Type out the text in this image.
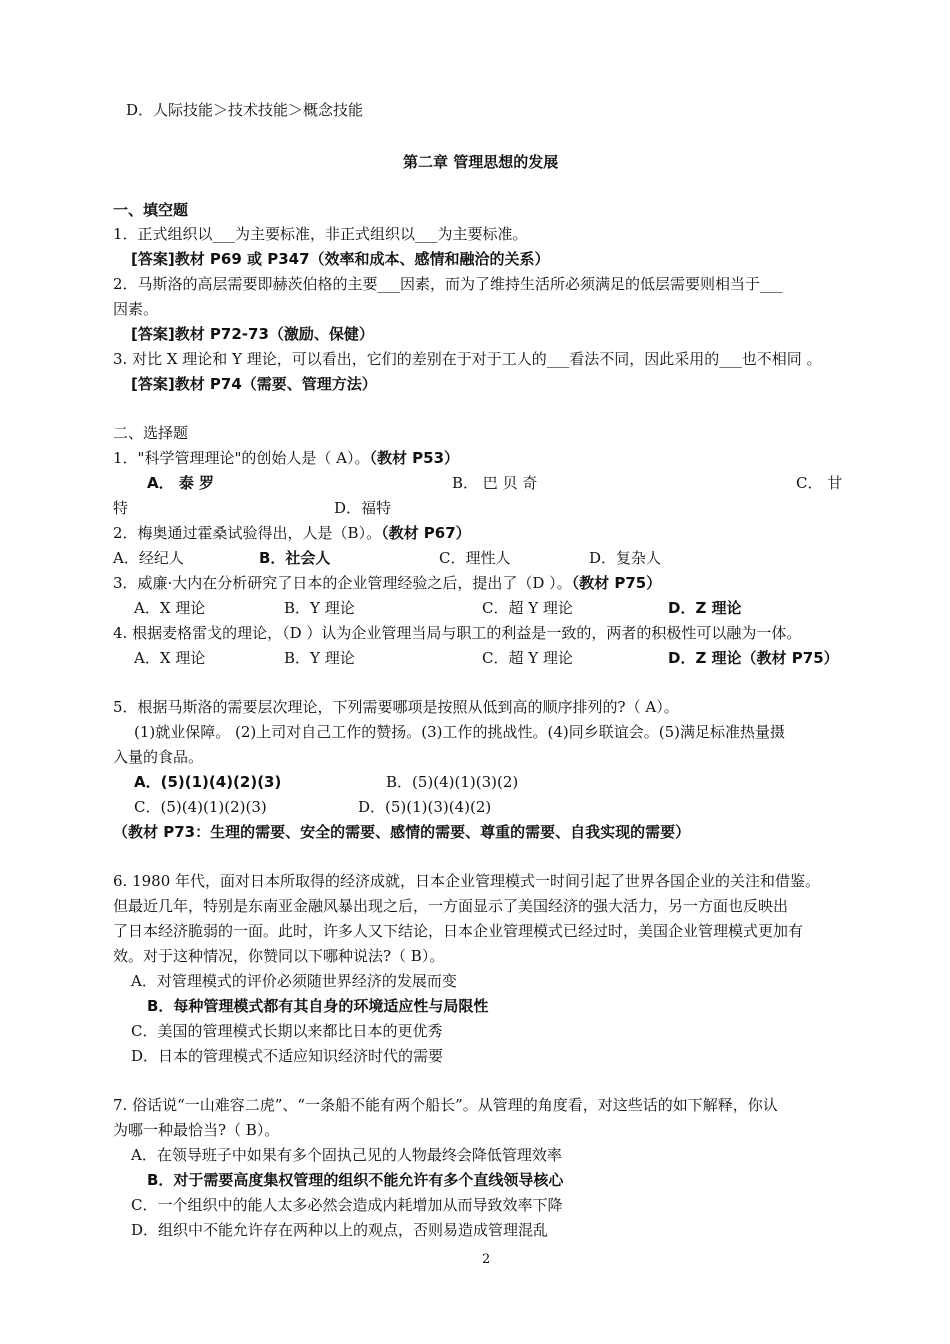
D．人际技能＞技术技能＞概念技能
第二章 管理思想的发展
一、填空题
1．正式组织以___为主要标准，非正式组织以___为主要标准。
[答案]教材 P69 或 P347（效率和成本、感情和融洽的关系）
2．马斯洛的高层需要即赫茨伯格的主要___因素，而为了维持生活所必须满足的低层需要则相当于___
因素。
[答案]教材 P72-73（激励、保健）
3. 对比 X 理论和 Y 理论，可以看出，它们的差别在于对于工人的___看法不同，因此采用的___也不相同 。
[答案]教材 P74（需要、管理方法）
二、选择题
1．"科学管理理论"的创始人是（ A）。（教材 P53）
A． 泰 罗	B． 巴 贝 奇	C． 甘
特	D．福特
2．梅奥通过霍桑试验得出，人是（B）。（教材 P67）
A．经纪人	B．社会人	C．理性人	D．复杂人
3．威廉·大内在分析研究了日本的企业管理经验之后，提出了（D ）。（教材 P75）
A．X 理论	B．Y 理论	C．超 Y 理论	D．Z 理论
4. 根据麦格雷戈的理论，（D ）认为企业管理当局与职工的利益是一致的，两者的积极性可以融为一体。
A．X 理论	B．Y 理论	C．超 Y 理论	D．Z 理论（教材 P75）
5．根据马斯洛的需要层次理论，下列需要哪项是按照从低到高的顺序排列的?（ A）。
(1)就业保障。 (2)上司对自己工作的赞扬。(3)工作的挑战性。(4)同乡联谊会。(5)满足标准热量摄
入量的食品。
A．(5)(1)(4)(2)(3)	B．(5)(4)(1)(3)(2)
C．(5)(4)(1)(2)(3)	D．(5)(1)(3)(4)(2)
（教材 P73：生理的需要、安全的需要、感情的需要、尊重的需要、自我实现的需要）
6. 1980 年代，面对日本所取得的经济成就，日本企业管理模式一时间引起了世界各国企业的关注和借鉴。
但最近几年，特别是东南亚金融风暴出现之后，一方面显示了美国经济的强大活力，另一方面也反映出
了日本经济脆弱的一面。此时，许多人又下结论，日本企业管理模式已经过时，美国企业管理模式更加有
效。对于这种情况，你赞同以下哪种说法?（ B）。
A．对管理模式的评价必须随世界经济的发展而变
B．每种管理模式都有其自身的环境适应性与局限性
C．美国的管理模式长期以来都比日本的更优秀
D．日本的管理模式不适应知识经济时代的需要
7. 俗话说“一山难容二虎”、“一条船不能有两个船长”。从管理的角度看，对这些话的如下解释，你认
为哪一种最恰当?（ B）。
A．在领导班子中如果有多个固执己见的人物最终会降低管理效率
B．对于需要高度集权管理的组织不能允许有多个直线领导核心
C．一个组织中的能人太多必然会造成内耗增加从而导致效率下降
D．组织中不能允许存在两种以上的观点，否则易造成管理混乱
2
